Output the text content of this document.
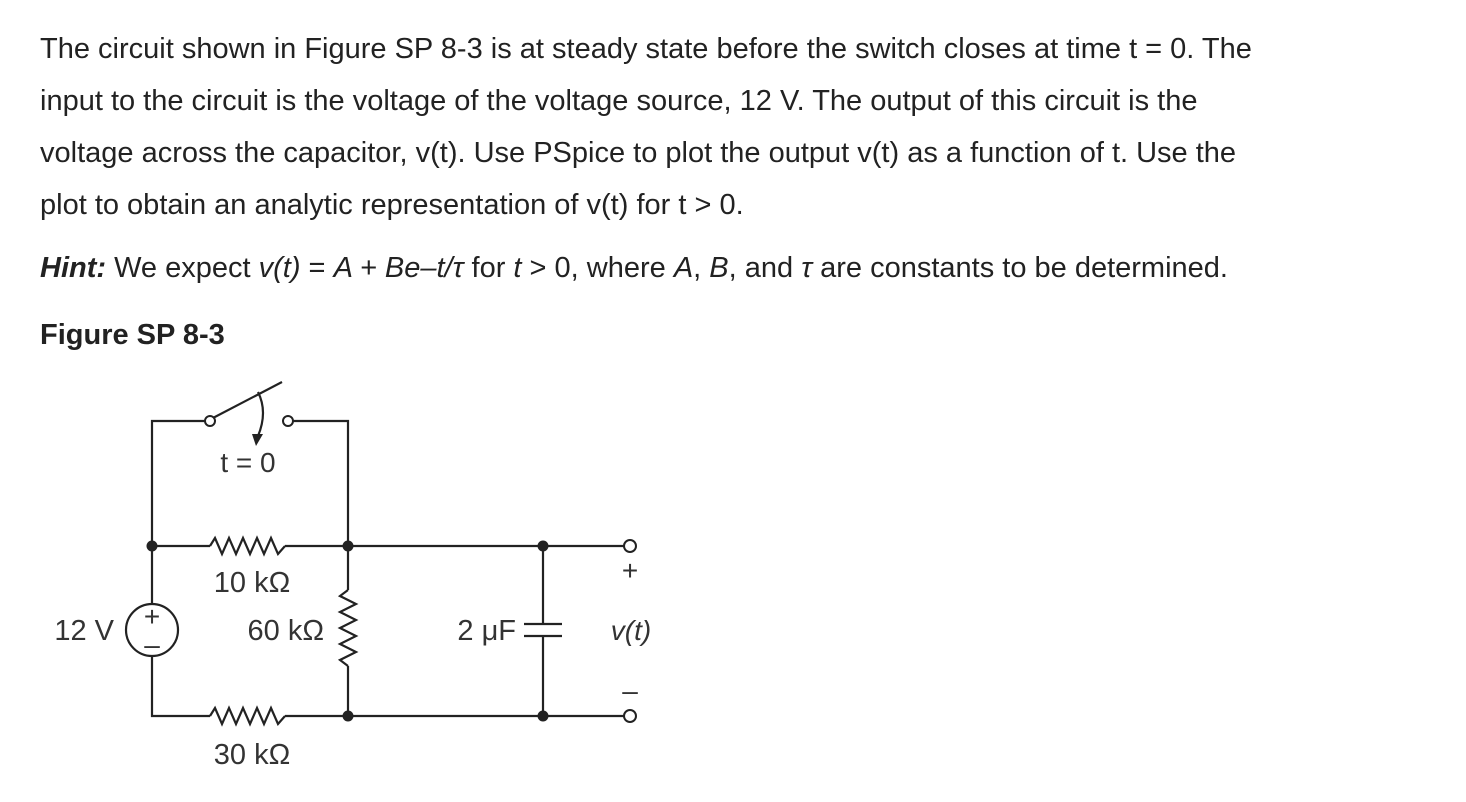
The circuit shown in Figure SP 8-3 is at steady state before the switch closes at time t = 0. The

input to the circuit is the voltage of the voltage source, 12 V. The output of this circuit is the

voltage across the capacitor, v(t). Use PSpice to plot the output v(t) as a function of t. Use the

plot to obtain an analytic representation of v(t) for t > 0.

Hint: We expect v(t) = A + Be–t/τ for t > 0, where A, B, and τ are constants to be determined.
Figure SP 8-3
+
–
t = 0
10 kΩ
60 kΩ
30 kΩ
12 V	2 μF
+
v(t)
–
